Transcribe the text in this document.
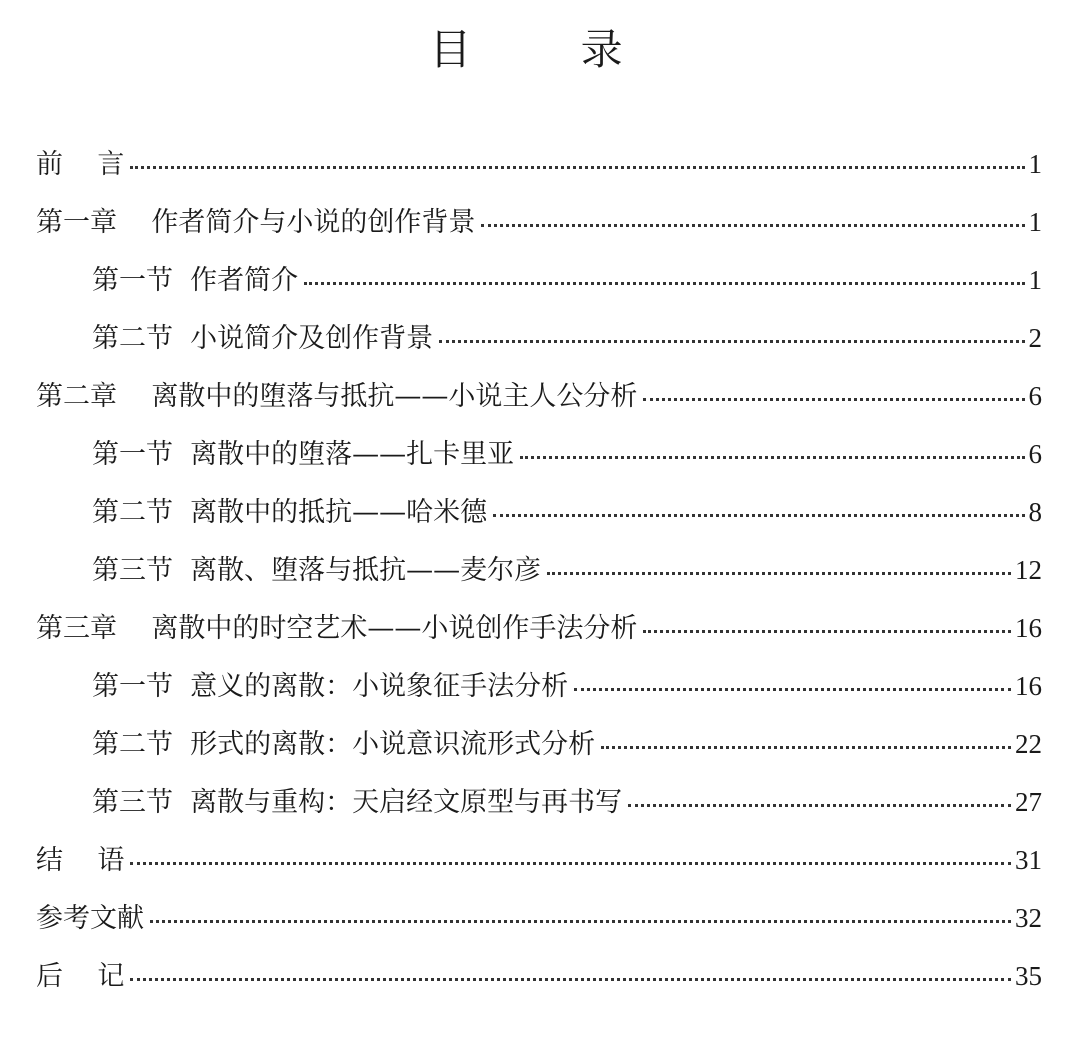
目 录
前    言	1
第一章    作者简介与小说的创作背景	1
第一节  作者简介	1
第二节  小说简介及创作背景	2
第二章    离散中的堕落与抵抗——小说主人公分析	6
第一节  离散中的堕落——扎卡里亚	6
第二节  离散中的抵抗——哈米德	8
第三节  离散、堕落与抵抗——麦尔彦	12
第三章    离散中的时空艺术——小说创作手法分析	16
第一节  意义的离散：小说象征手法分析	16
第二节  形式的离散：小说意识流形式分析	22
第三节  离散与重构：天启经文原型与再书写	27
结    语	31
参考文献	32
后    记	35
